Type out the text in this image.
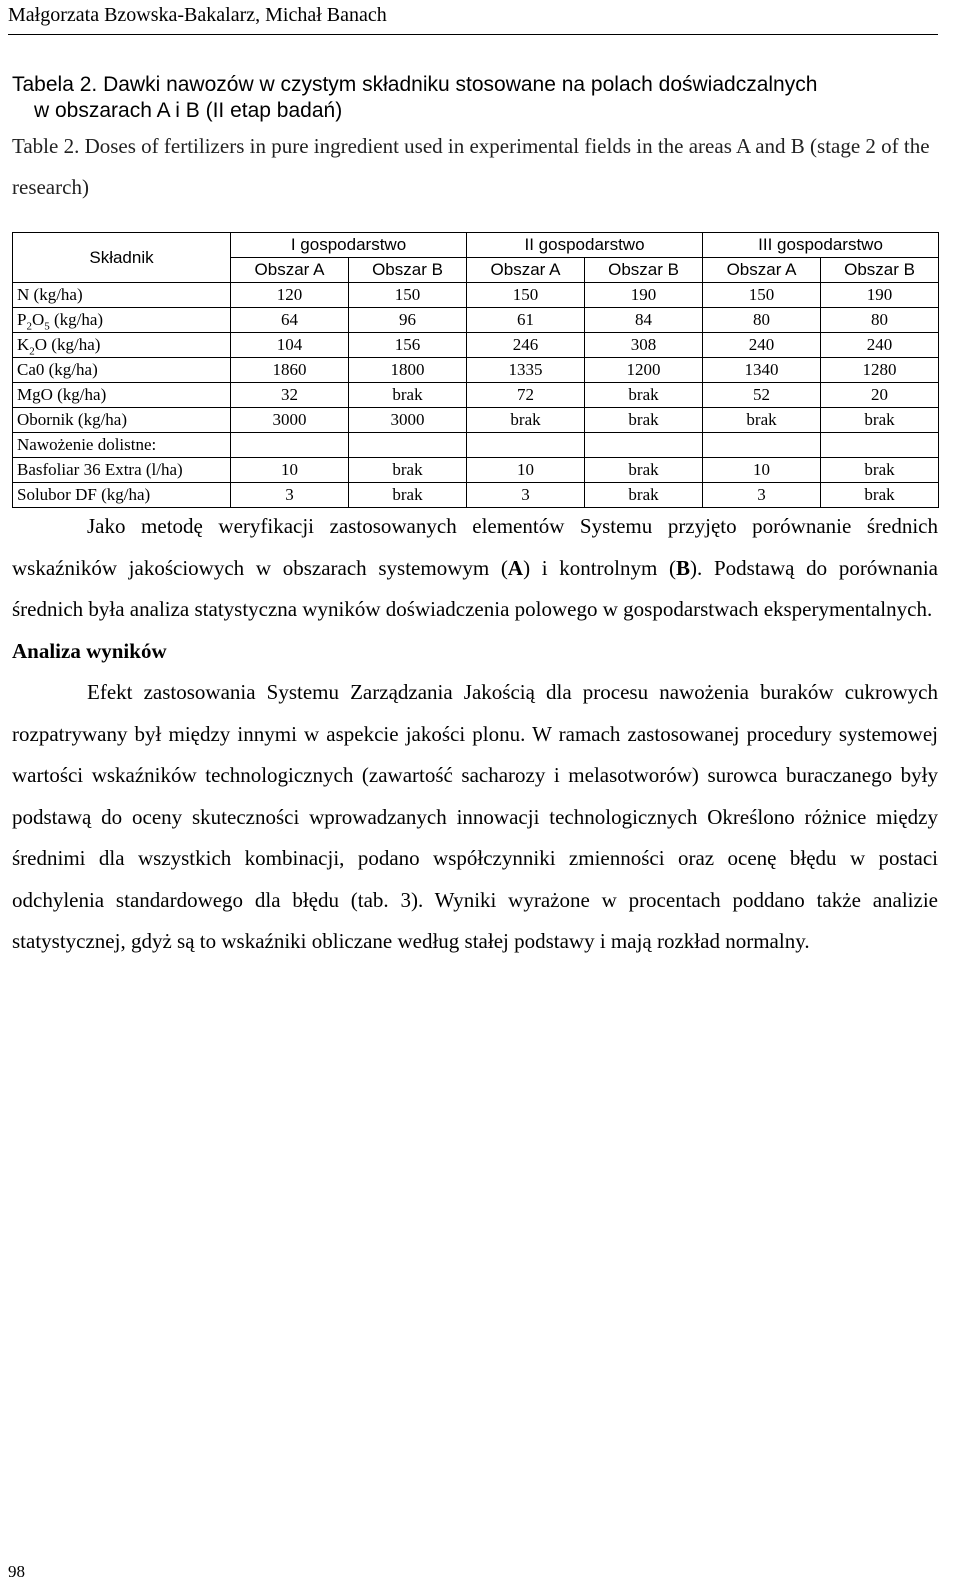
Małgorzata Bzowska-Bakalarz, Michał Banach
Tabela 2. Dawki nawozów w czystym składniku stosowane na polach doświadczalnych
w obszarach A i B (II etap badań)
Table 2. Doses of fertilizers in pure ingredient used in experimental fields in the areas A and B (stage 2 of the research)
Składnik	I gospodarstwo		II gospodarstwo		III gospodarstwo	
	Obszar A	Obszar B	Obszar A	Obszar B	Obszar A	Obszar B
N (kg/ha)	120	150	150	190	150	190
$P_2O_5$ (kg/ha)	64	96	61	84	80	80
$K_2O$ (kg/ha)	104	156	246	308	240	240
Ca0 (kg/ha)	1860	1800	1335	1200	1340	1280
MgO (kg/ha)	32	brak	72	brak	52	20
Obornik (kg/ha)	3000	3000	brak	brak	brak	brak
Nawożenie dolistne:						
Basfoliar 36 Extra (l/ha)	10	brak	10	brak	10	brak
Solubor DF (kg/ha)	3	brak	3	brak	3	brak

Jako metodę weryfikacji zastosowanych elementów Systemu przyjęto porównanie średnich wskaźników jakościowych w obszarach systemowym (A) i kontrolnym (B). Podstawą do porównania średnich była analiza statystyczna wyników doświadczenia polowego w gospodarstwach eksperymentalnych.

Analiza wyników

Efekt zastosowania Systemu Zarządzania Jakością dla procesu nawożenia buraków cukrowych rozpatrywany był między innymi w aspekcie jakości plonu. W ramach zastosowanej procedury systemowej wartości wskaźników technologicznych (zawartość sacharozy i melasotworów) surowca buraczanego były podstawą do oceny skuteczności wprowadzanych innowacji technologicznych Określono różnice między średnimi dla wszystkich kombinacji, podano współczynniki zmienności oraz ocenę błędu w postaci odchylenia standardowego dla błędu (tab. 3). Wyniki wyrażone w procentach poddano także analizie statystycznej, gdyż są to wskaźniki obliczane według stałej podstawy i mają rozkład normalny.

98
